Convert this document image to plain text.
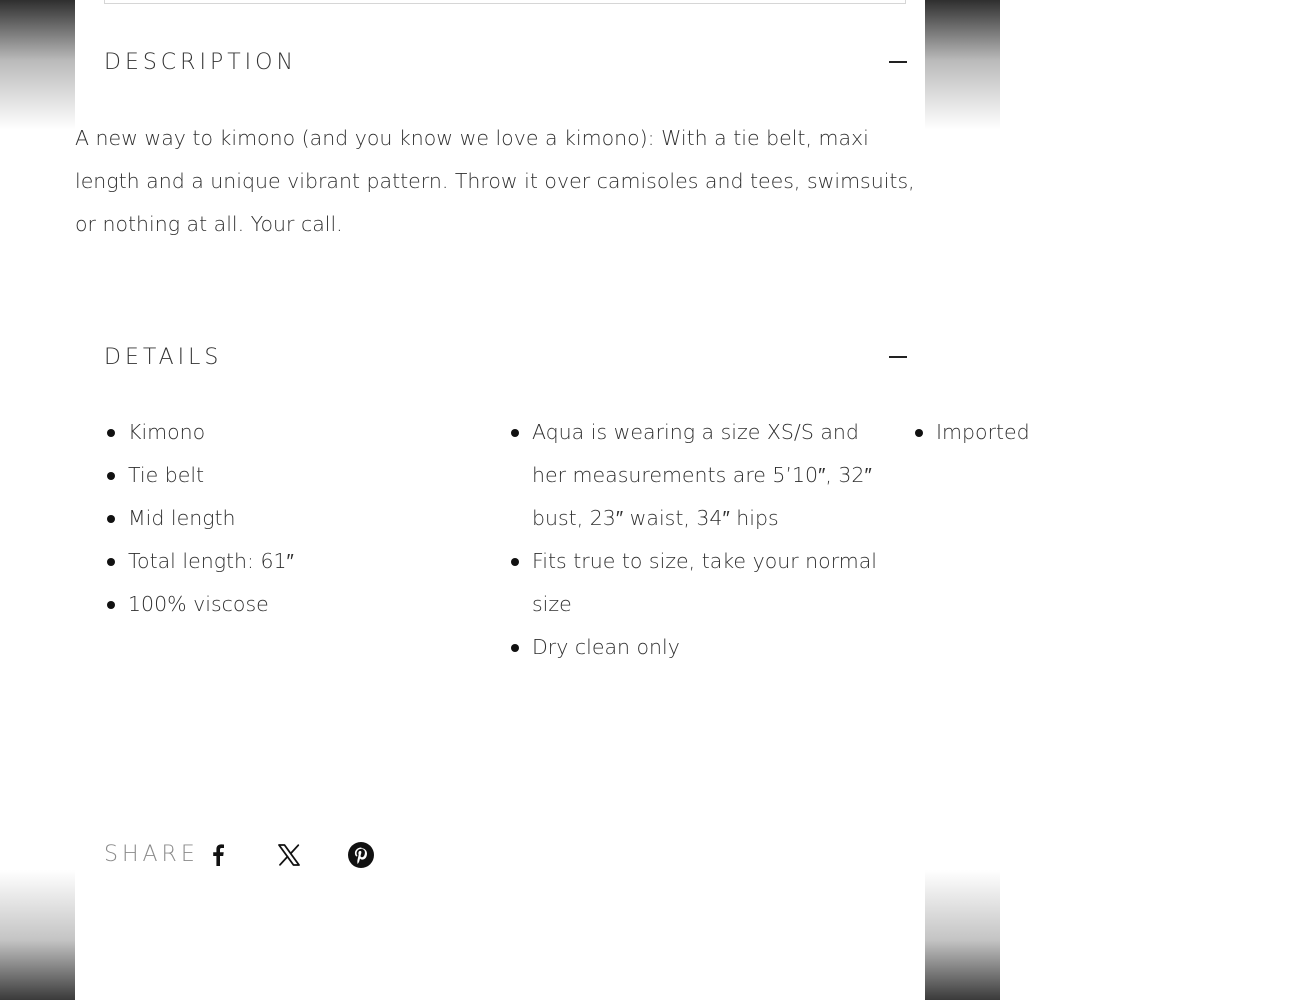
DESCRIPTION

A new way to kimono (and you know we love a kimono): With a tie belt, maxi length and a unique vibrant pattern. Throw it over camisoles and tees, swimsuits, or nothing at all. Your call.

DETAILS
Kimono
Tie belt
Mid length
Total length: 61″
100% viscose
Aqua is wearing a size XS/S and her measurements are 5’10″, 32″ bust, 23″ waist, 34″ hips
Fits true to size, take your normal size
Dry clean only
Imported
SHARE
